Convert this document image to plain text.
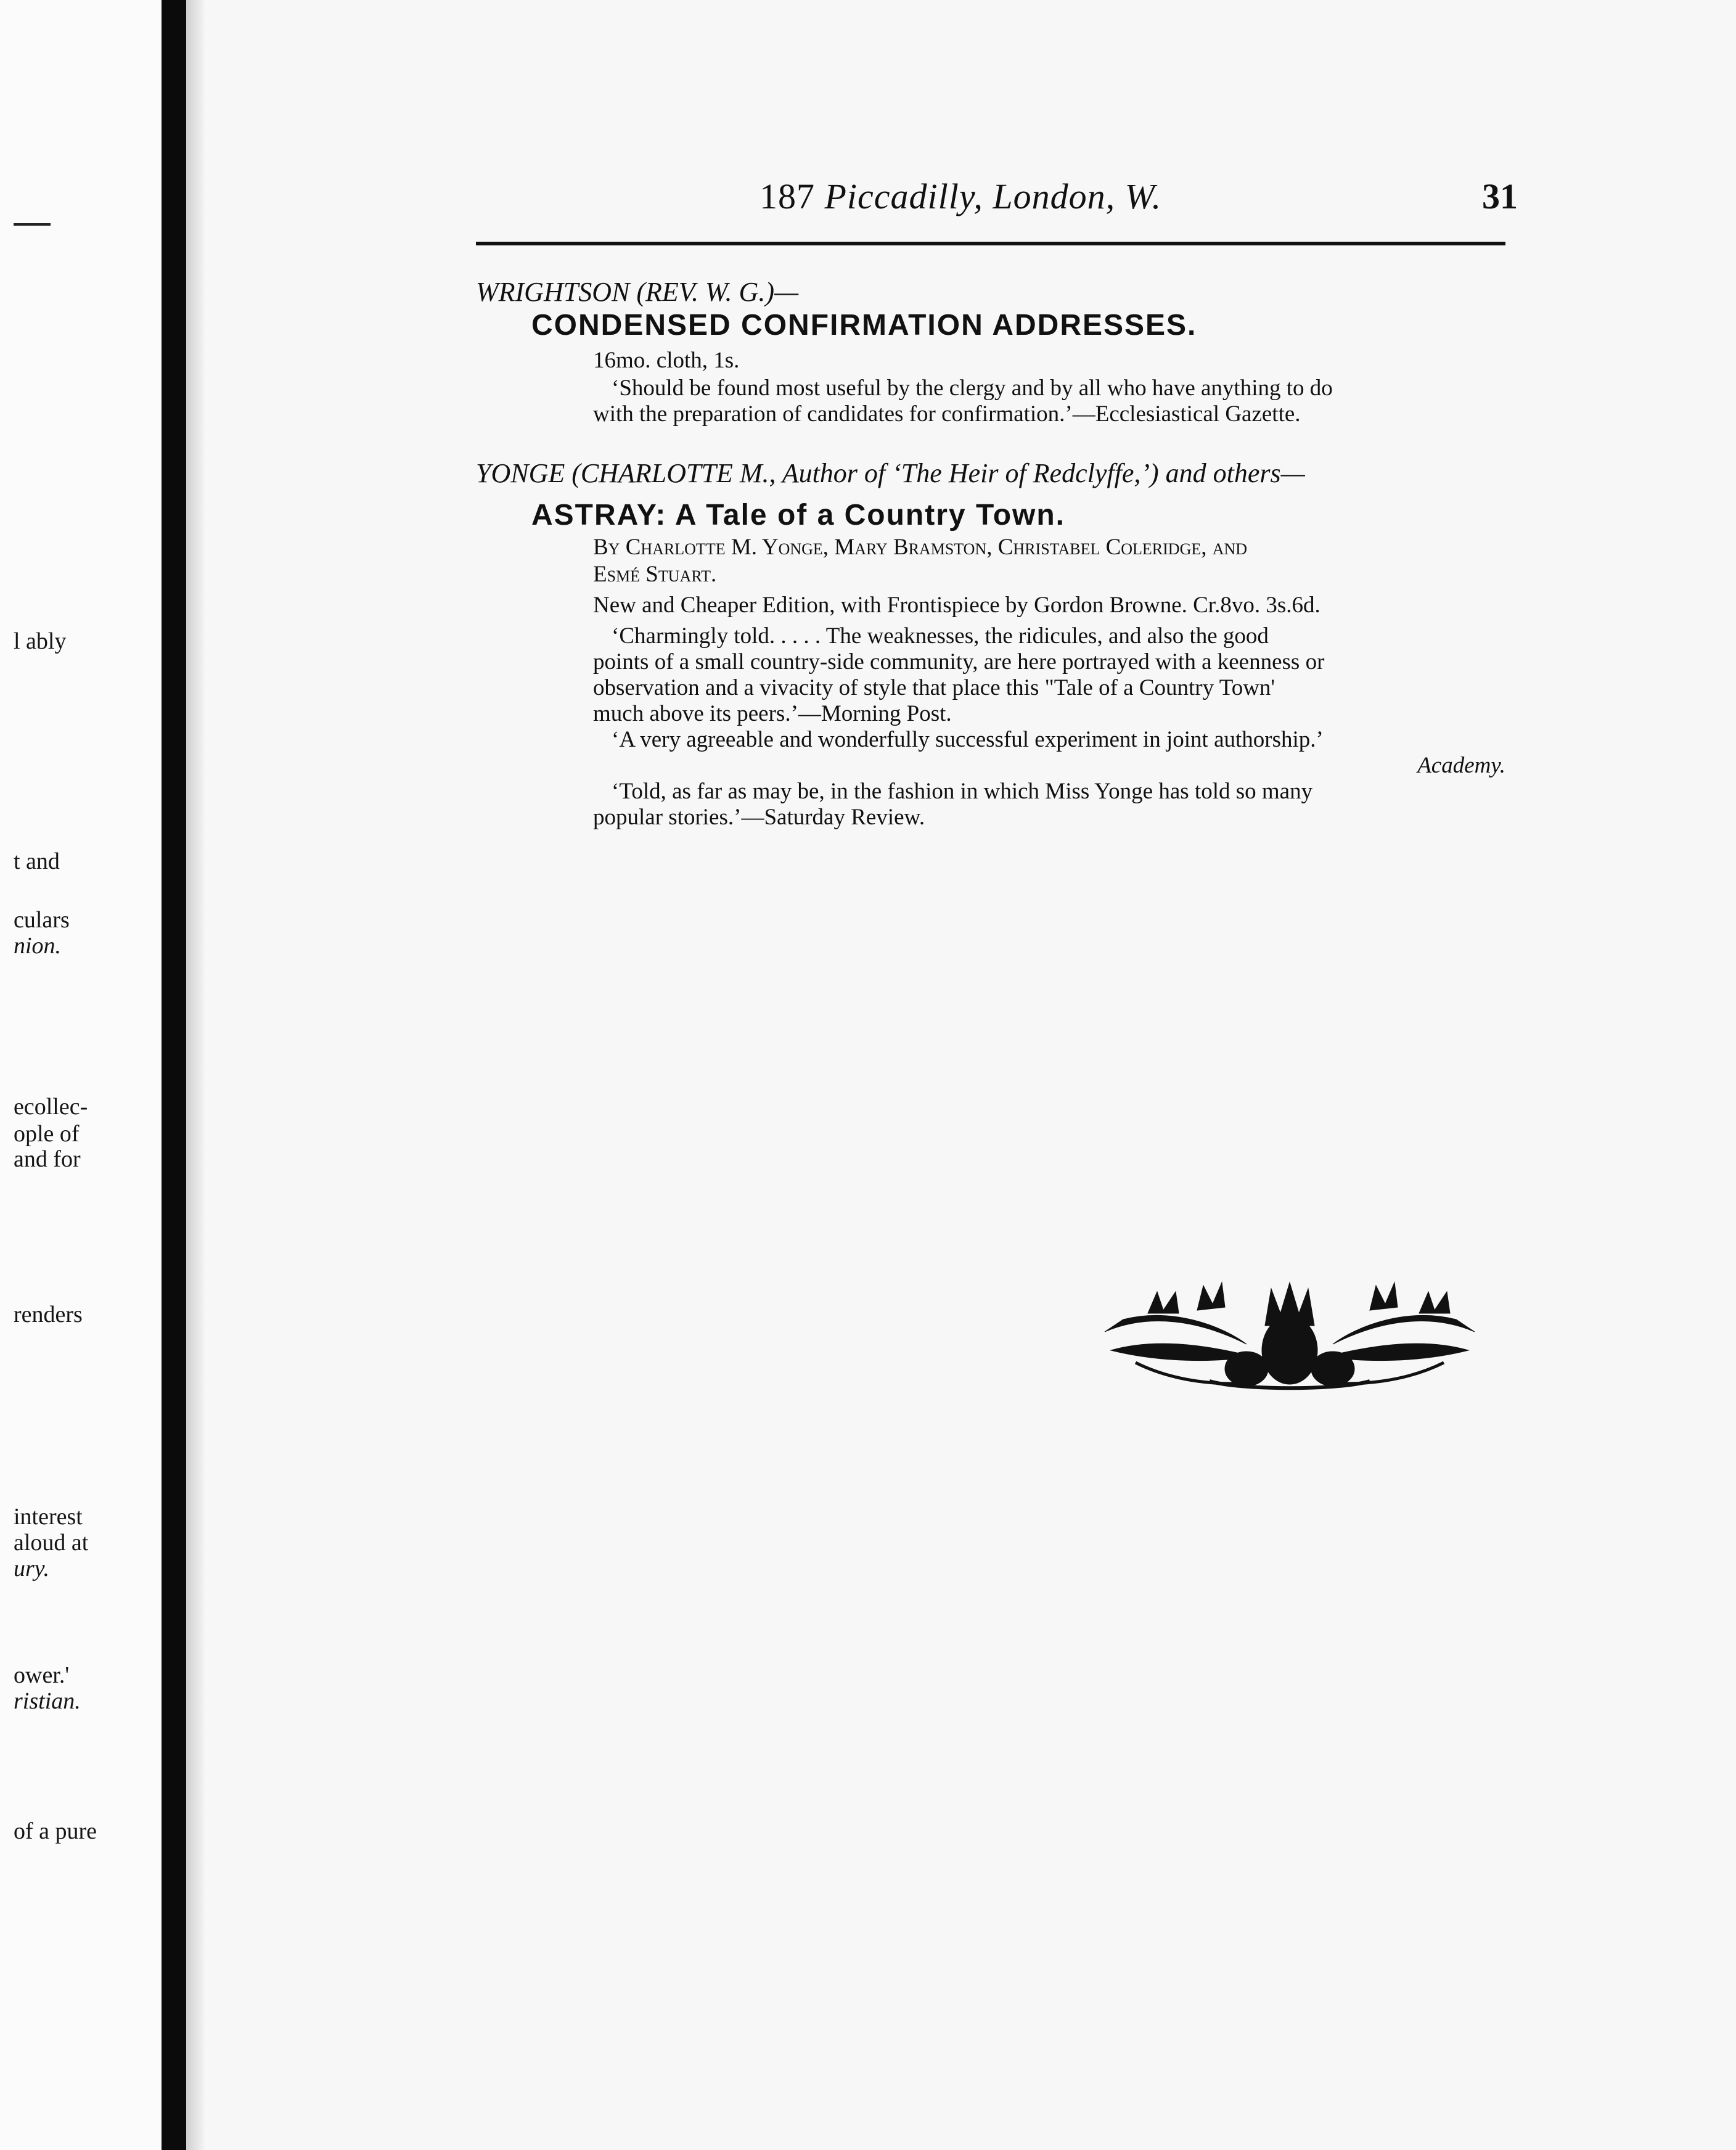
l ably
t and
culars
nion.
ecollec-
ople of
and for
renders
interest
aloud at
ury.
ower.'
ristian.
of a pure
187 Piccadilly, London, W.	31
WRIGHTSON (REV. W. G.)—
CONDENSED CONFIRMATION ADDRESSES.
16mo. cloth, 1s.
‘Should be found most useful by the clergy and by all who have anything to do
with the preparation of candidates for confirmation.’—Ecclesiastical Gazette.
YONGE (CHARLOTTE M., Author of ‘The Heir of Redclyffe,’) and others—
ASTRAY: A Tale of a Country Town.
By Charlotte M. Yonge, Mary Bramston, Christabel Coleridge, and
Esmé Stuart.
New and Cheaper Edition, with Frontispiece by Gordon Browne. Cr.8vo. 3s.6d.
‘Charmingly told. . . . . The weaknesses, the ridicules, and also the good
points of a small country-side community, are here portrayed with a keenness or
observation and a vivacity of style that place this "Tale of a Country Town'
much above its peers.’—Morning Post.
‘A very agreeable and wonderfully successful experiment in joint authorship.’
Academy.
‘Told, as far as may be, in the fashion in which Miss Yonge has told so many
popular stories.’—Saturday Review.
